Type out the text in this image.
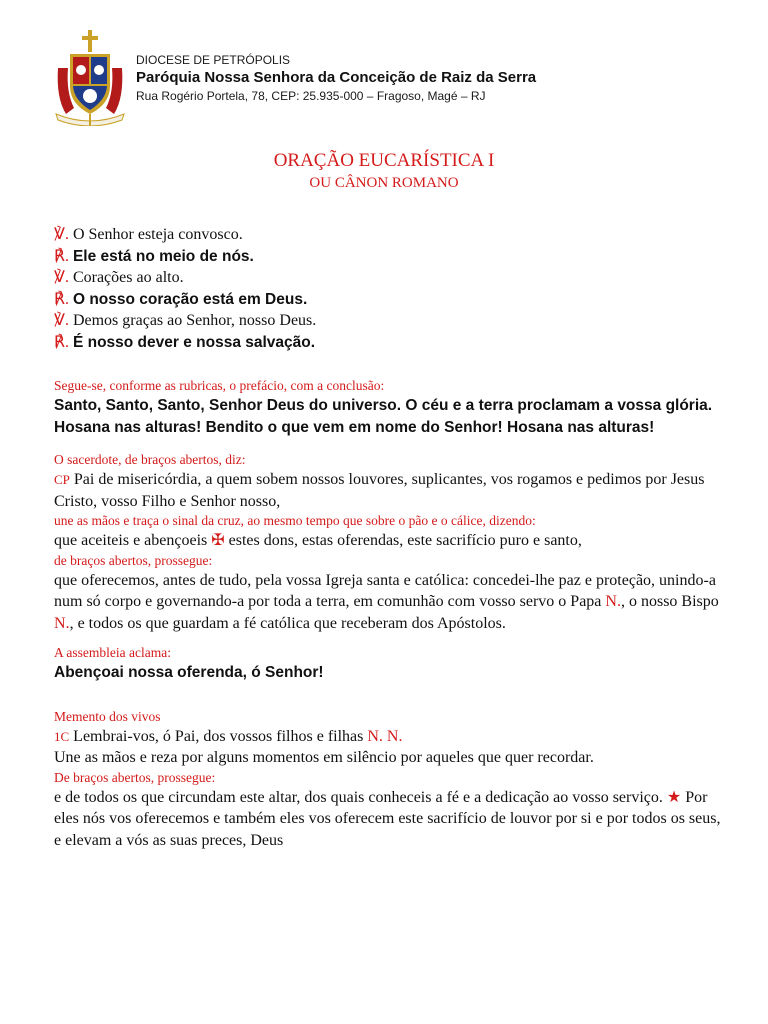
DIOCESE DE PETRÓPOLIS
Paróquia Nossa Senhora da Conceição de Raiz da Serra
Rua Rogério Portela, 78, CEP: 25.935-000 – Fragoso, Magé – RJ
ORAÇÃO EUCARÍSTICA I
OU CÂNON ROMANO
℣. O Senhor esteja convosco.
℟. Ele está no meio de nós.
℣. Corações ao alto.
℟. O nosso coração está em Deus.
℣. Demos graças ao Senhor, nosso Deus.
℟. É nosso dever e nossa salvação.
Segue-se, conforme as rubricas, o prefácio, com a conclusão:
Santo, Santo, Santo, Senhor Deus do universo. O céu e a terra proclamam a vossa glória. Hosana nas alturas! Bendito o que vem em nome do Senhor! Hosana nas alturas!
O sacerdote, de braços abertos, diz:
CP Pai de misericórdia, a quem sobem nossos louvores, suplicantes, vos rogamos e pedimos por Jesus Cristo, vosso Filho e Senhor nosso,
une as mãos e traça o sinal da cruz, ao mesmo tempo que sobre o pão e o cálice, dizendo:
que aceiteis e abençoeis ✠ estes dons, estas oferendas, este sacrifício puro e santo,
de braços abertos, prossegue:
que oferecemos, antes de tudo, pela vossa Igreja santa e católica: concedei-lhe paz e proteção, unindo-a num só corpo e governando-a por toda a terra, em comunhão com vosso servo o Papa N., o nosso Bispo N., e todos os que guardam a fé católica que receberam dos Apóstolos.
A assembleia aclama:
Abençoai nossa oferenda, ó Senhor!
Memento dos vivos
1C Lembrai-vos, ó Pai, dos vossos filhos e filhas N. N.
Une as mãos e reza por alguns momentos em silêncio por aqueles que quer recordar.
De braços abertos, prossegue:
e de todos os que circundam este altar, dos quais conheceis a fé e a dedicação ao vosso serviço. ★ Por eles nós vos oferecemos e também eles vos oferecem este sacrifício de louvor por si e por todos os seus, e elevam a vós as suas preces, Deus
